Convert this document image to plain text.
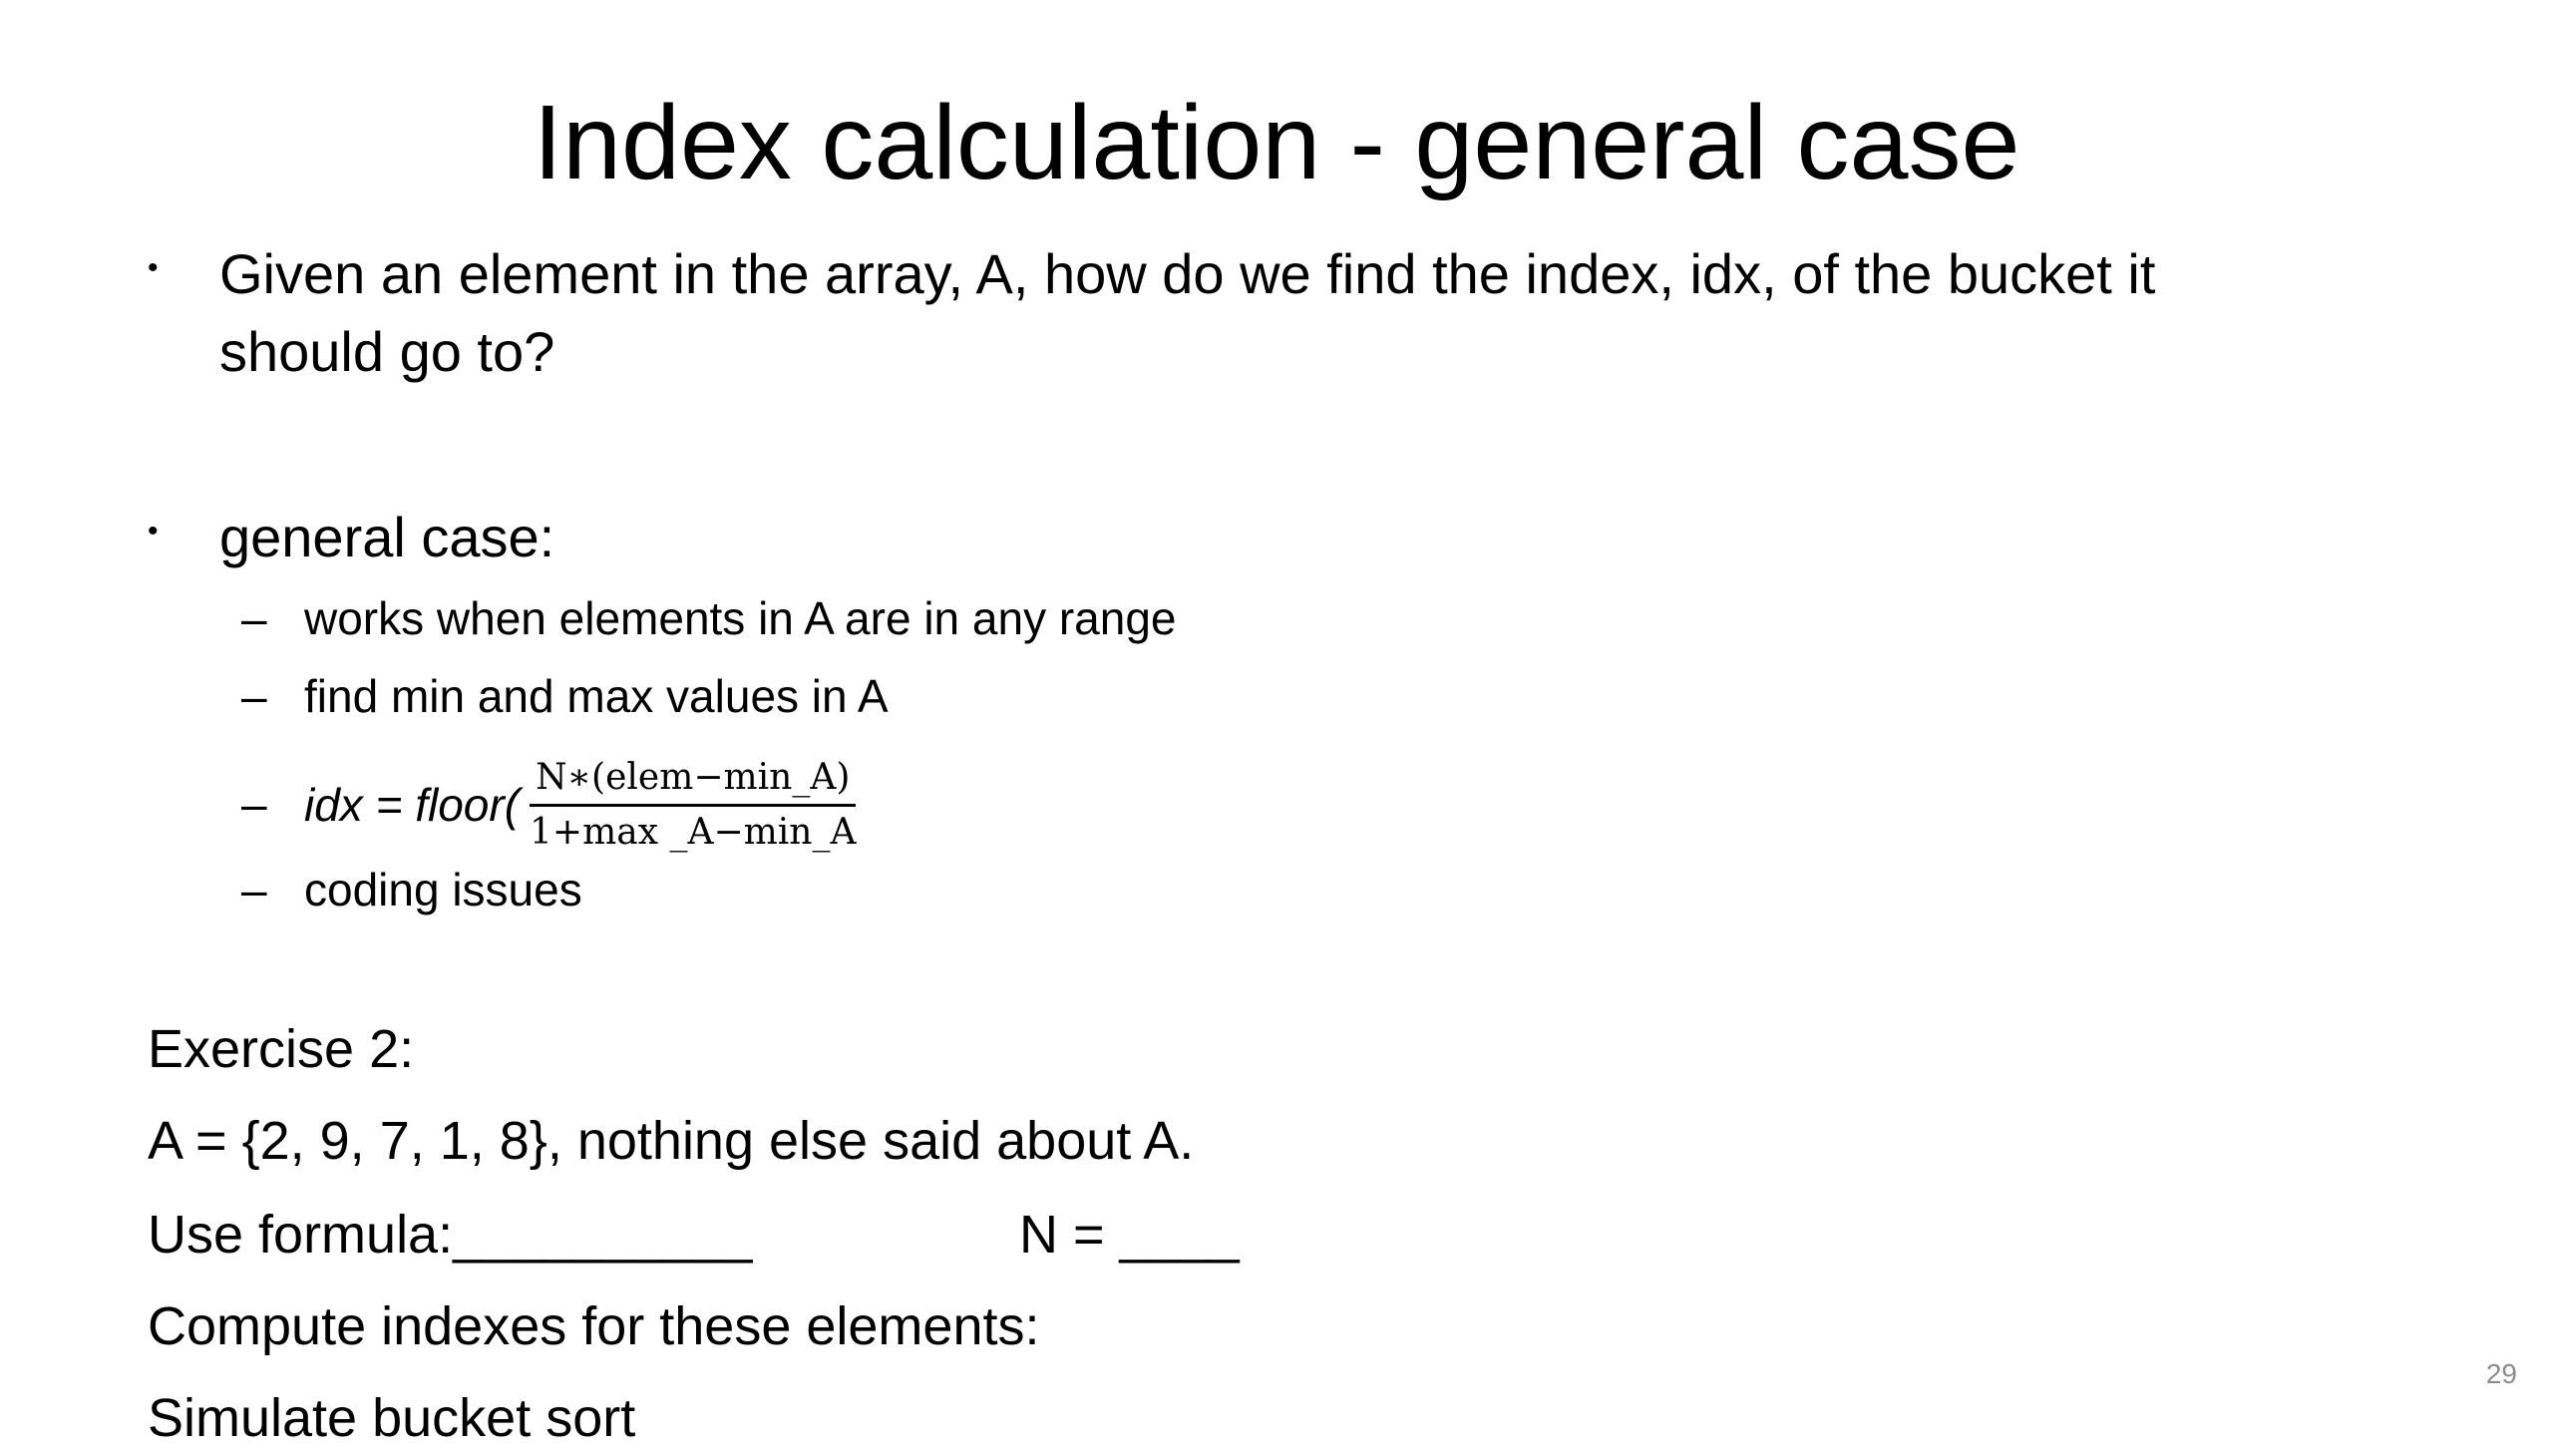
Index calculation - general case
• Given an element in the array, A, how do we find the index, idx, of the bucket it
should go to?
• general case:
– works when elements in A are in any range
– find min and max values in A
– idx = floor( $\frac{\text{N∗(elem−min\_A)}}{1+\max \_A-\min\_A}$
– coding issues
Exercise 2:
A = {2, 9, 7, 1, 8}, nothing else said about A.
Use formula:__________	N = ____
Compute indexes for these elements:
Simulate bucket sort
29
